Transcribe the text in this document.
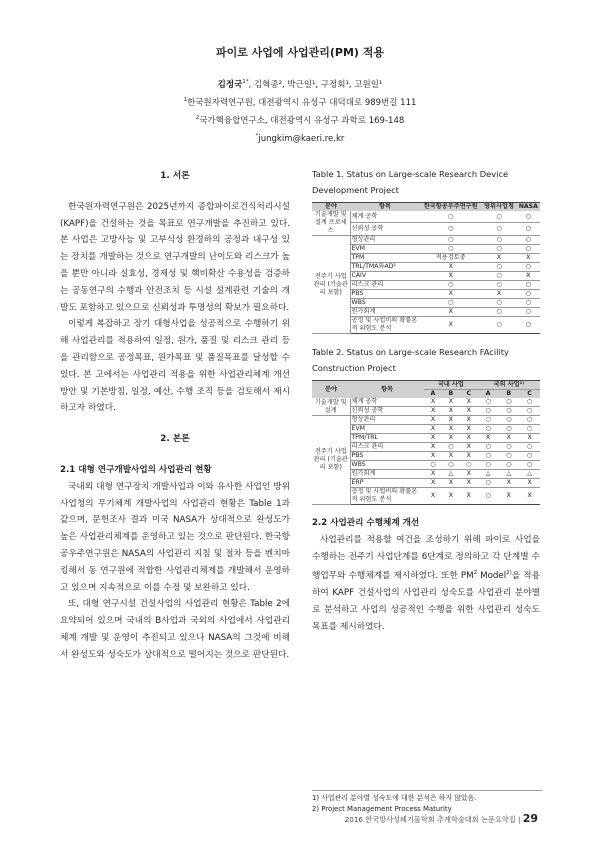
파이로 사업에 사업관리(PM) 적용
김정국$^{1*}$, 김혁종², 박근일¹, 구정회¹, 고원일¹
$^1$한국원자력연구원, 대전광역시 유성구 대덕대로 989번길 111
$^2$국가핵융합연구소, 대전광역시 유성구 과학로 169-148
*jungkim@kaeri.re.kr
1. 서론

한국원자력연구원은 2025년까지 종합파이로건식처리시설 (KAPF)을 건설하는 것을 목표로 연구개발을 추진하고 있다. 본 사업은 고방사능 및 고부식성 환경하의 공정과 내구성 있는 장치를 개발하는 것으로 연구개발의 난이도와 리스크가 높을 뿐만 아니라 실효성, 경제성 및 핵비확산 수용성을 검증하는 공동연구의 수행과 안전조치 등 시설 설계관련 기술의 개발도 포함하고 있으므로 신뢰성과 투명성의 확보가 필요하다.

이렇게 복잡하고 장기 대형사업을 성공적으로 수행하기 위해 사업관리를 적용하여 일정, 원가, 품질 및 리스크 관리 등을 관리함으로 공정목표, 원가목표 및 품질목표를 달성할 수 있다. 본 고에서는 사업관리 적용을 위한 사업관리체계 개선방안 및 기본방침, 일정, 예산, 수행 조직 등을 검토해서 제시하고자 하였다.

2. 본론
2.1 대형 연구개발사업의 사업관리 현황

국내외 대형 연구장치 개발사업과 이와 유사한 사업인 방위사업청의 무기체계 개발사업의 사업관리 현황은 Table 1과 같으며, 문헌조사 결과 미국 NASA가 상대적으로 완성도가 높은 사업관리체계를 운영하고 있는 것으로 판단된다. 한국항공우주연구원은 NASA의 사업관리 지침 및 절차 등을 벤치마킹해서 동 연구원에 적합한 사업관리체계를 개발해서 운영하고 있으며 지속적으로 이를 수정 및 보완하고 있다.

또, 대형 연구시설 건설사업의 사업관리 현황은 Table 2에 요약되어 있으며 국내의 B사업과 국외의 사업에서 사업관리체계 개발 및 운영이 추진되고 있으나 NASA의 그것에 비해서 완성도와 성숙도가 상대적으로 떨어지는 것으로 판단된다.

Table 1. Status on Large-scale Research Device Development Project
분야	항목	한국항공우주연구원	방위사업청	NASA
기술개발 및 설계 프로세스	체계 공학	○	○	○
	신뢰성 공학	○	○	○
전주기 사업관리 (기술관리 포함)	형상관리	○	○	○
	EVM	○	○	○
	TPM	적용검토중	X	X
	TRL/TMA와AD²	X	○	○
	CAIV	X	○	X
	리스크 관리	○	○	○
	PBS	X	X	○
	WBS	○	○	○
	원가회계	X	○	○
	공정 및 사업비의 확률론적 위험도 분석	X	○	○
Table 2. Status on Large-scale Research FAcility Construction Project
분야	항목	국내 사업			국외 사업¹⁾		
		A	B	C	A	B	C
기술개발 및 설계	체계 공학	X	X	X	○	○	○
	신뢰성 공학	X	X	X	○	○	○
전주기 사업관리 (기술관리 포함)	형상관리	X	X	X	○	○	○
	EVM	X	X	X	○	○	○
	TPM/TRL	X	X	X	X	X	X
	리스크 관리	X	○	X	○	○	○
	PBS	X	X	X	○	○	○
	WBS	○	○	○	○	○	○
	원가회계	X	△	X	△	△	△
	ERP	X	X	X	○	X	X
	공정 및 사업비의 확률론적 위험도 분석	X	X	X	○	X	X
2.2 사업관리 수행체계 개선

사업관리를 적용할 여건을 조성하기 위해 파이로 사업을 수행하는 전주기 사업단계를 6단계로 정의하고 각 단계별 수행업무와 수행체계를 제시하였다. 또한 $PM^2$ Model$^{2)}$을 적용하여 KAPF 건설사업의 사업관리 성숙도를 사업관리 분야별로 분석하고 사업의 성공적인 수행을 위한 사업관리 성숙도 목표를 제시하였다.

1) 사업관리 분야별 성숙도에 대한 분석은 하지 않았음.
2) Project Management Process Maturity
2016 한국방사성폐기물학회 추계학술대회 논문요약집 | 29
